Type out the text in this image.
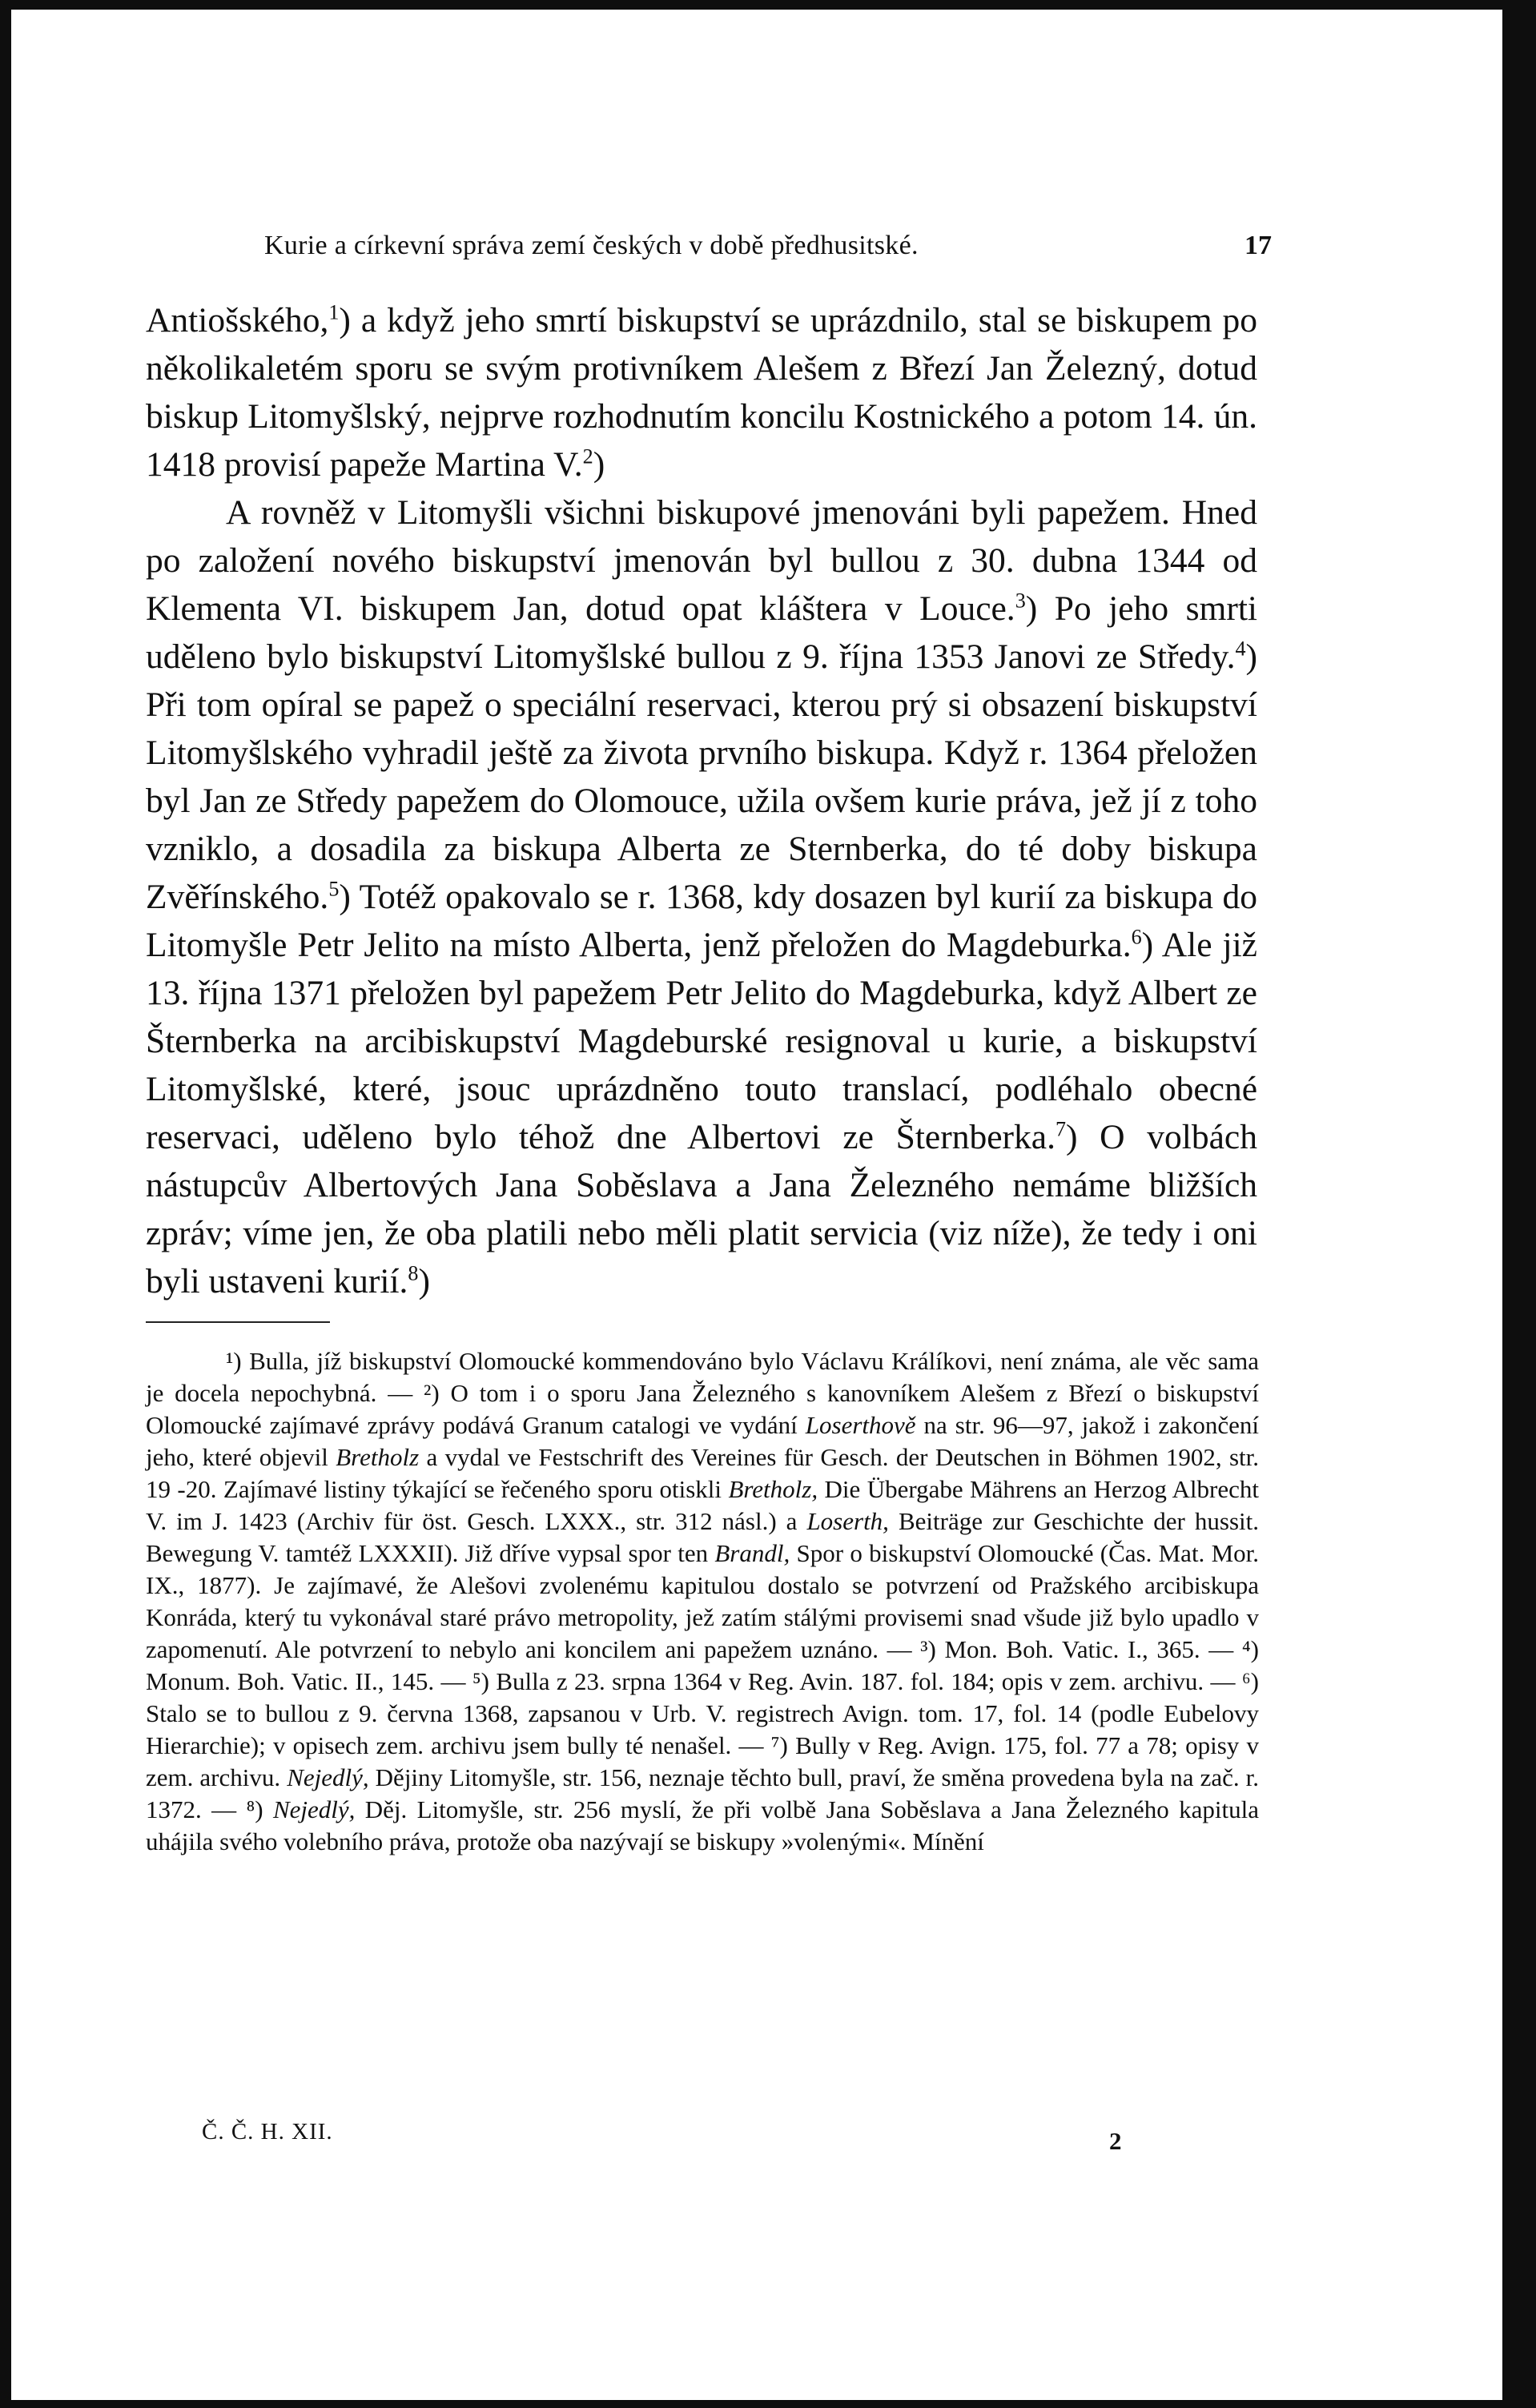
Kurie a církevní správa zemí českých v době předhusitské.	17

Antiošského,$^1$) a když jeho smrtí biskupství se uprázdnilo, stal se biskupem po několikaletém sporu se svým protivníkem Alešem z Březí Jan Železný, dotud biskup Litomyšlský, nejprve rozhodnutím koncilu Kostnického a potom 14. ún. 1418 provisí papeže Martina V.$^2$)

A rovněž v Litomyšli všichni biskupové jmenováni byli papežem. Hned po založení nového biskupství jmenován byl bullou z 30. dubna 1344 od Klementa VI. biskupem Jan, dotud opat kláštera v Louce.$^3$) Po jeho smrti uděleno bylo biskupství Litomyšlské bullou z 9. října 1353 Janovi ze Středy.$^4$) Při tom opíral se papež o speciální reservaci, kterou prý si obsazení biskupství Litomyšlského vyhradil ještě za života prvního biskupa. Když r. 1364 přeložen byl Jan ze Středy papežem do Olomouce, užila ovšem kurie práva, jež jí z toho vzniklo, a dosadila za biskupa Alberta ze Sternberka, do té doby biskupa Zvěřínského.$^5$) Totéž opakovalo se r. 1368, kdy dosazen byl kurií za biskupa do Litomyšle Petr Jelito na místo Alberta, jenž přeložen do Magdeburka.$^6$) Ale již 13. října 1371 přeložen byl papežem Petr Jelito do Magdeburka, když Albert ze Šternberka na arcibiskupství Magdeburské resignoval u kurie, a biskupství Litomyšlské, které, jsouc uprázdněno touto translací, podléhalo obecné reservaci, uděleno bylo téhož dne Albertovi ze Šternberka.$^7$) O volbách nástupcův Albertových Jana Soběslava a Jana Železného nemáme bližších zpráv; víme jen, že oba platili nebo měli platit servicia (viz níže), že tedy i oni byli ustaveni kurií.$^8$)

¹) Bulla, jíž biskupství Olomoucké kommendováno bylo Václavu Králíkovi, není známa, ale věc sama je docela nepochybná. — ²) O tom i o sporu Jana Železného s kanovníkem Alešem z Březí o biskupství Olomoucké zajímavé zprávy podává Granum catalogi ve vydání Loserthově na str. 96—97, jakož i zakončení jeho, které objevil Bretholz a vydal ve Festschrift des Vereines für Gesch. der Deutschen in Böhmen 1902, str. 19 -20. Zajímavé listiny týkající se řečeného sporu otiskli Bretholz, Die Übergabe Mährens an Herzog Albrecht V. im J. 1423 (Archiv für öst. Gesch. LXXX., str. 312 násl.) a Loserth, Beiträge zur Geschichte der hussit. Bewegung V. tamtéž LXXXII). Již dříve vypsal spor ten Brandl, Spor o biskupství Olomoucké (Čas. Mat. Mor. IX., 1877). Je zajímavé, že Alešovi zvolenému kapitulou dostalo se potvrzení od Pražského arcibiskupa Konráda, který tu vykonával staré právo metropolity, jež zatím stálými provisemi snad všude již bylo upadlo v zapomenutí. Ale potvrzení to nebylo ani koncilem ani papežem uznáno. — ³) Mon. Boh. Vatic. I., 365. — ⁴) Monum. Boh. Vatic. II., 145. — ⁵) Bulla z 23. srpna 1364 v Reg. Avin. 187. fol. 184; opis v zem. archivu. — ⁶) Stalo se to bullou z 9. června 1368, zapsanou v Urb. V. registrech Avign. tom. 17, fol. 14 (podle Eubelovy Hierarchie); v opisech zem. archivu jsem bully té nenašel. — ⁷) Bully v Reg. Avign. 175, fol. 77 a 78; opisy v zem. archivu. Nejedlý, Dějiny Litomyšle, str. 156, neznaje těchto bull, praví, že směna provedena byla na zač. r. 1372. — ⁸) Nejedlý, Děj. Litomyšle, str. 256 myslí, že při volbě Jana Soběslava a Jana Železného kapitula uhájila svého volebního práva, protože oba nazývají se biskupy »volenými«. Mínění

Č. Č. H. XII.	2
